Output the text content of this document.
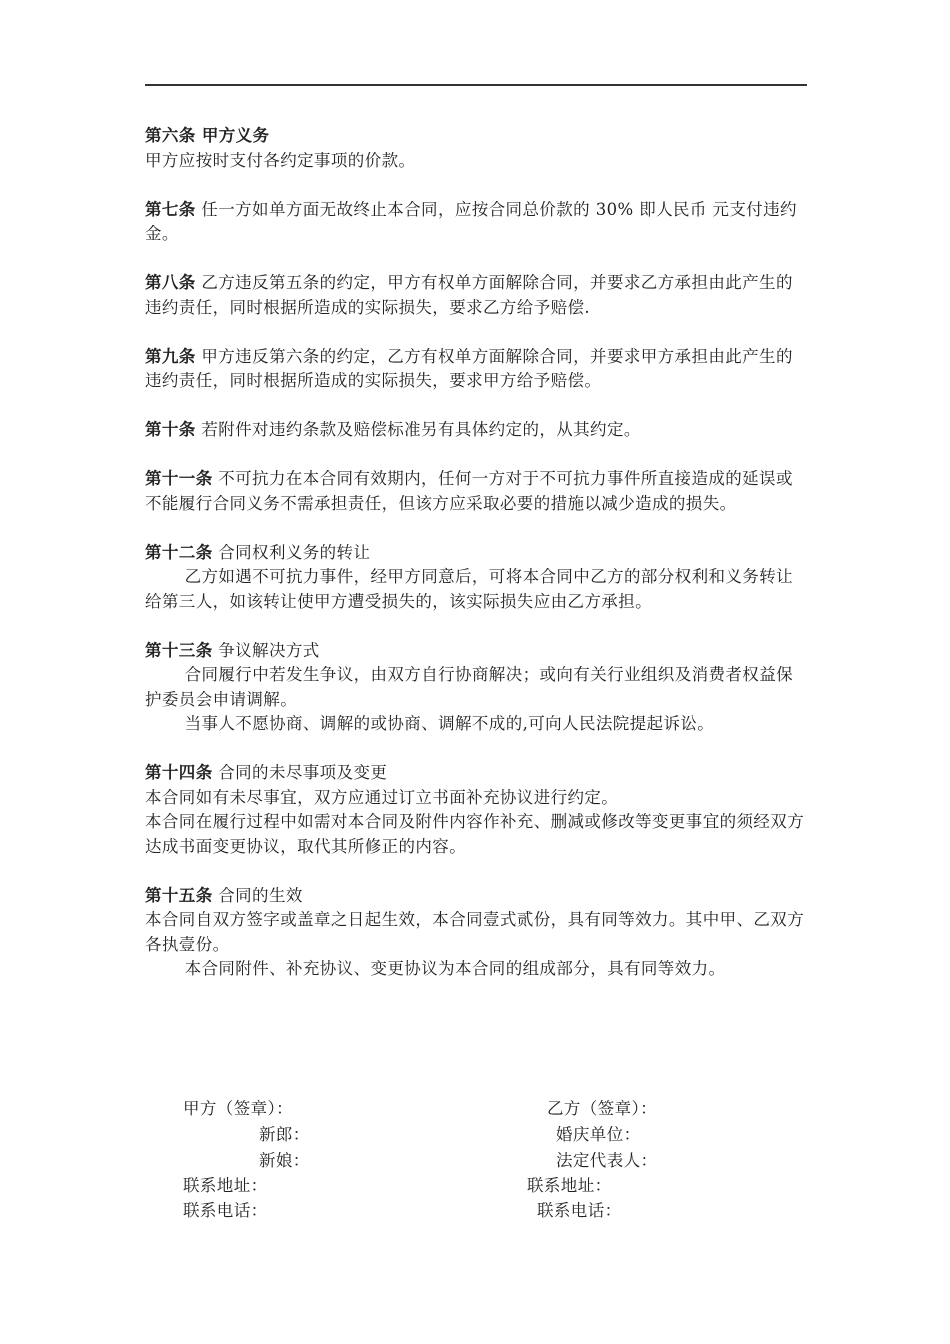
第六条 甲方义务

甲方应按时支付各约定事项的价款。

第七条 任一方如单方面无故终止本合同，应按合同总价款的 30% 即人民币 元支付违约金。

第八条 乙方违反第五条的约定，甲方有权单方面解除合同，并要求乙方承担由此产生的违约责任，同时根据所造成的实际损失，要求乙方给予赔偿.

第九条 甲方违反第六条的约定，乙方有权单方面解除合同，并要求甲方承担由此产生的违约责任，同时根据所造成的实际损失，要求甲方给予赔偿。

第十条 若附件对违约条款及赔偿标准另有具体约定的，从其约定。

第十一条 不可抗力在本合同有效期内，任何一方对于不可抗力事件所直接造成的延误或不能履行合同义务不需承担责任，但该方应采取必要的措施以减少造成的损失。

第十二条 合同权利义务的转让

乙方如遇不可抗力事件，经甲方同意后，可将本合同中乙方的部分权利和义务转让给第三人，如该转让使甲方遭受损失的，该实际损失应由乙方承担。

第十三条 争议解决方式

合同履行中若发生争议，由双方自行协商解决；或向有关行业组织及消费者权益保护委员会申请调解。

当事人不愿协商、调解的或协商、调解不成的,可向人民法院提起诉讼。

第十四条 合同的未尽事项及变更

本合同如有未尽事宜，双方应通过订立书面补充协议进行约定。

本合同在履行过程中如需对本合同及附件内容作补充、删减或修改等变更事宜的须经双方达成书面变更协议，取代其所修正的内容。

第十五条 合同的生效

本合同自双方签字或盖章之日起生效，本合同壹式贰份，具有同等效力。其中甲、乙双方各执壹份。

本合同附件、补充协议、变更协议为本合同的组成部分，具有同等效力。

甲方（签章）：
新郎：
新娘：
联系地址：
联系电话：
乙方（签章）：
婚庆单位：
法定代表人：
联系地址：
联系电话：
